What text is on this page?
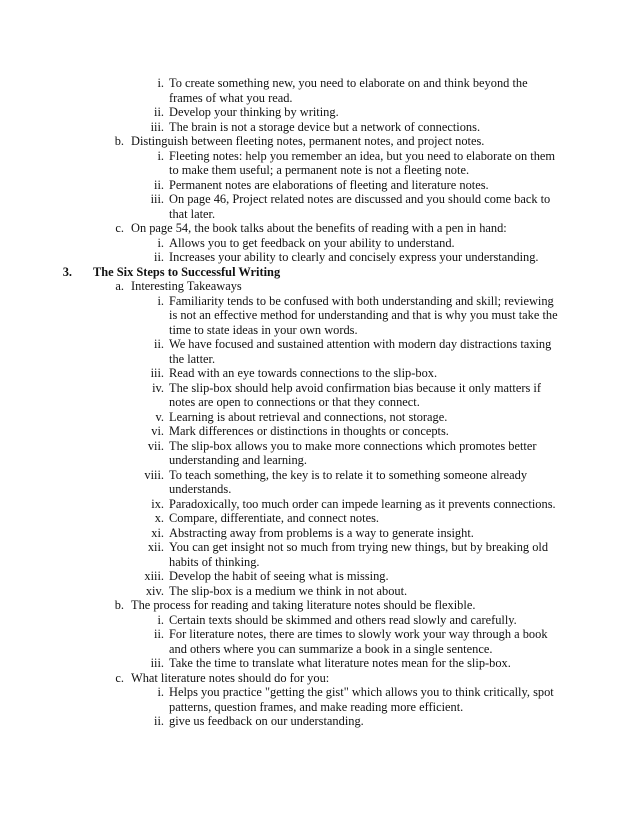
i. To create something new, you need to elaborate on and think beyond the
frames of what you read.
ii. Develop your thinking by writing.
iii. The brain is not a storage device but a network of connections.
b. Distinguish between fleeting notes, permanent notes, and project notes.
i. Fleeting notes: help you remember an idea, but you need to elaborate on them
to make them useful; a permanent note is not a fleeting note.
ii. Permanent notes are elaborations of fleeting and literature notes.
iii. On page 46, Project related notes are discussed and you should come back to
that later.
c. On page 54, the book talks about the benefits of reading with a pen in hand:
i. Allows you to get feedback on your ability to understand.
ii. Increases your ability to clearly and concisely express your understanding.
3. The Six Steps to Successful Writing
a. Interesting Takeaways
i. Familiarity tends to be confused with both understanding and skill; reviewing
is not an effective method for understanding and that is why you must take the
time to state ideas in your own words.
ii. We have focused and sustained attention with modern day distractions taxing
the latter.
iii. Read with an eye towards connections to the slip-box.
iv. The slip-box should help avoid confirmation bias because it only matters if
notes are open to connections or that they connect.
v. Learning is about retrieval and connections, not storage.
vi. Mark differences or distinctions in thoughts or concepts.
vii. The slip-box allows you to make more connections which promotes better
understanding and learning.
viii. To teach something, the key is to relate it to something someone already
understands.
ix. Paradoxically, too much order can impede learning as it prevents connections.
x. Compare, differentiate, and connect notes.
xi. Abstracting away from problems is a way to generate insight.
xii. You can get insight not so much from trying new things, but by breaking old
habits of thinking.
xiii. Develop the habit of seeing what is missing.
xiv. The slip-box is a medium we think in not about.
b. The process for reading and taking literature notes should be flexible.
i. Certain texts should be skimmed and others read slowly and carefully.
ii. For literature notes, there are times to slowly work your way through a book
and others where you can summarize a book in a single sentence.
iii. Take the time to translate what literature notes mean for the slip-box.
c. What literature notes should do for you:
i. Helps you practice "getting the gist" which allows you to think critically, spot
patterns, question frames, and make reading more efficient.
ii. give us feedback on our understanding.
